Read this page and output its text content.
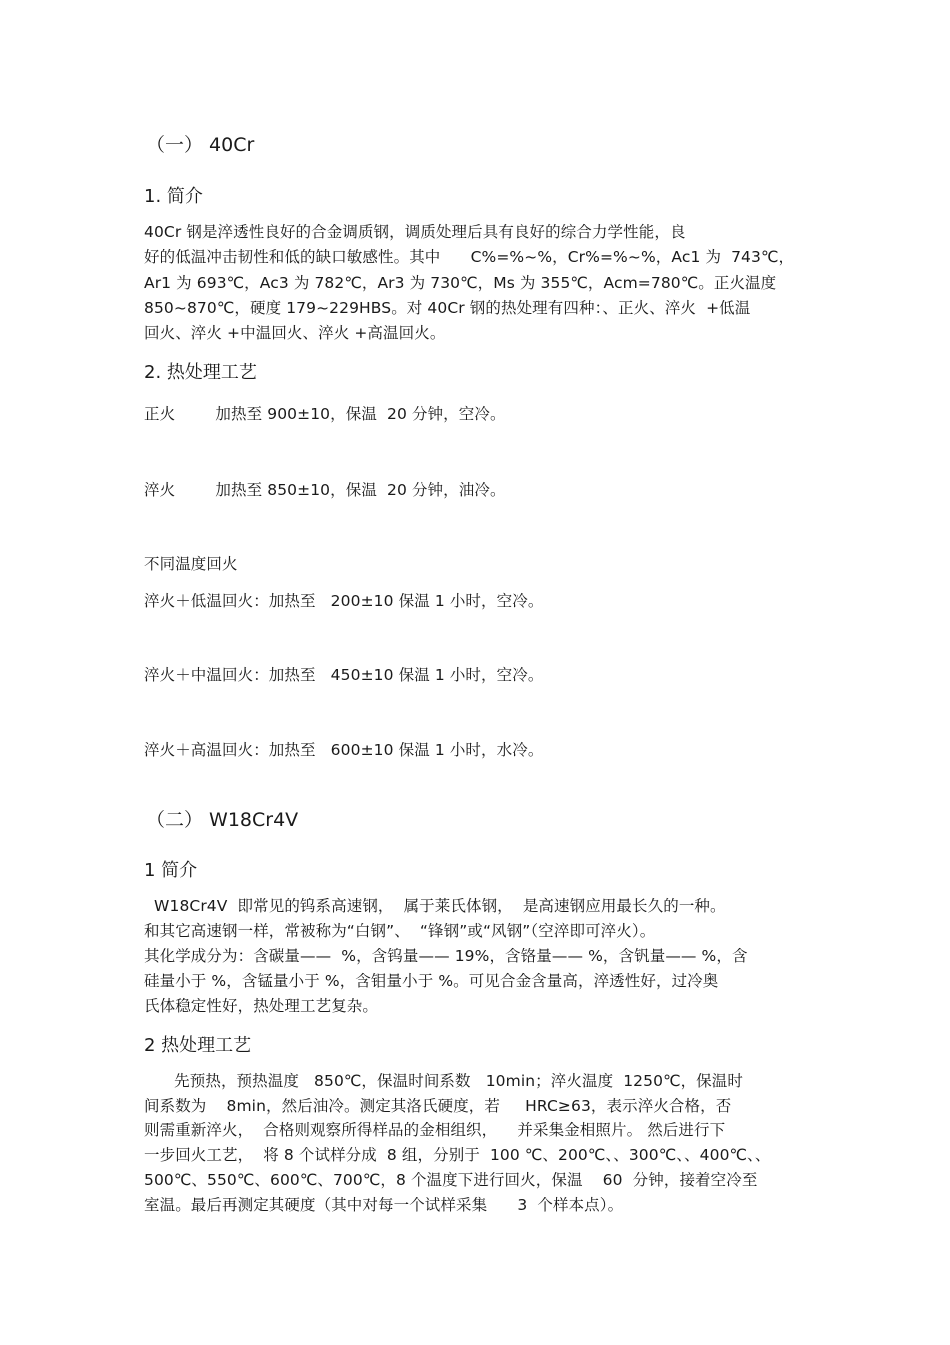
（一） 40Cr
1. 简介
40Cr 钢是淬透性良好的合金调质钢，调质处理后具有良好的综合力学性能，良
好的低温冲击韧性和低的缺口敏感性。其中      C%=%~%，Cr%=%~%，Ac1 为  743℃，
Ar1 为 693℃，Ac3 为 782℃，Ar3 为 730℃，Ms 为 355℃，Acm=780℃。正火温度
850~870℃，硬度 179~229HBS。对 40Cr 钢的热处理有四种：、正火、淬火  +低温
回火、淬火 +中温回火、淬火 +高温回火。
2. 热处理工艺
正火        加热至 900±10，保温  20 分钟，空冷。
淬火        加热至 850±10，保温  20 分钟，油冷。
不同温度回火
淬火＋低温回火：加热至   200±10 保温 1 小时，空冷。
淬火＋中温回火：加热至   450±10 保温 1 小时，空冷。
淬火＋高温回火：加热至   600±10 保温 1 小时，水冷。
（二） W18Cr4V
1 简介
W18Cr4V  即常见的钨系高速钢，  属于莱氏体钢，  是高速钢应用最长久的一种。
和其它高速钢一样，常被称为“白钢”、  “锋钢”或“风钢”（空淬即可淬火）。
其化学成分为：含碳量——  %，含钨量—— 19%，含铬量—— %，含钒量—— %，含
硅量小于 %，含锰量小于 %，含钼量小于 %。可见合金含量高，淬透性好，过冷奥
氏体稳定性好，热处理工艺复杂。
2 热处理工艺
先预热，预热温度   850℃，保温时间系数   10min；淬火温度  1250℃，保温时
间系数为    8min，然后油冷。测定其洛氏硬度，若     HRC≥63，表示淬火合格，否
则需重新淬火，  合格则观察所得样品的金相组织，    并采集金相照片。 然后进行下
一步回火工艺，  将 8 个试样分成  8 组，分别于  100 ℃、200℃、、300℃、、400℃、、
500℃、550℃、600℃、700℃，8 个温度下进行回火，保温    60  分钟，接着空冷至
室温。最后再测定其硬度（其中对每一个试样采集      3  个样本点）。
